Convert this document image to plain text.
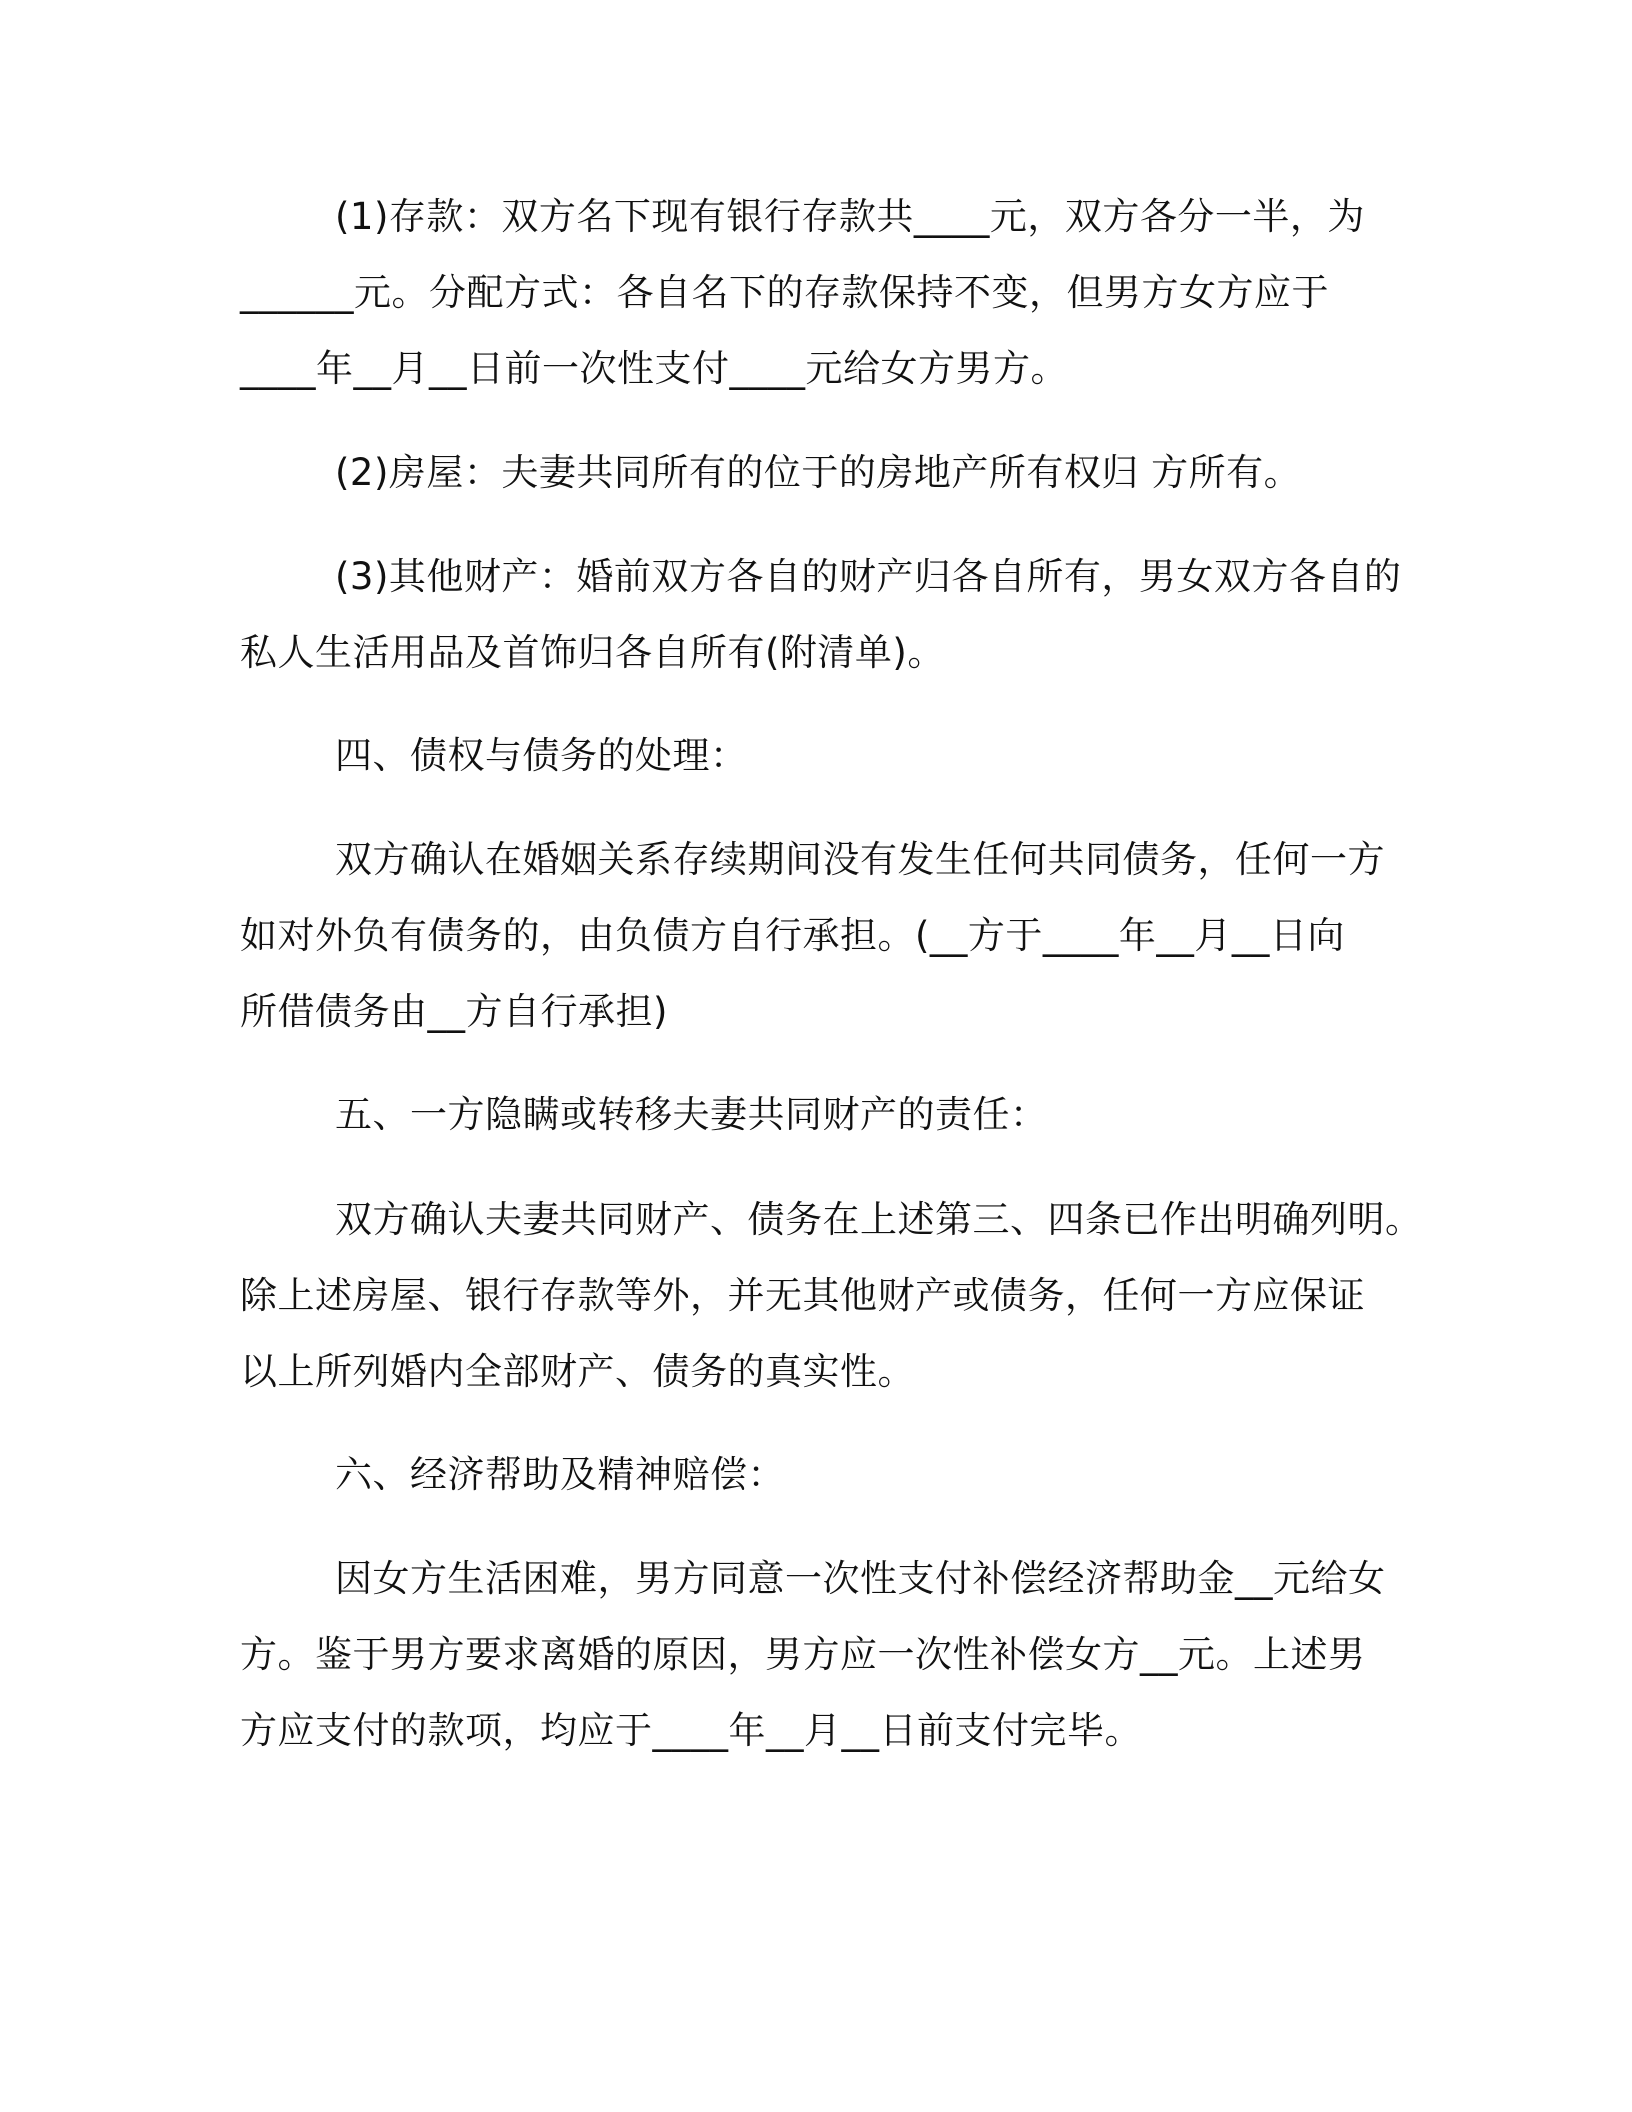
(1)存款：双方名下现有银行存款共____元，双方各分一半，为

______元。分配方式：各自名下的存款保持不变，但男方女方应于

____年__月__日前一次性支付____元给女方男方。

(2)房屋：夫妻共同所有的位于的房地产所有权归 方所有。

(3)其他财产：婚前双方各自的财产归各自所有，男女双方各自的

私人生活用品及首饰归各自所有(附清单)。

四、债权与债务的处理：

双方确认在婚姻关系存续期间没有发生任何共同债务，任何一方

如对外负有债务的，由负债方自行承担。(__方于____年__月__日向

所借债务由__方自行承担)

五、一方隐瞒或转移夫妻共同财产的责任：

双方确认夫妻共同财产、债务在上述第三、四条已作出明确列明。

除上述房屋、银行存款等外，并无其他财产或债务，任何一方应保证

以上所列婚内全部财产、债务的真实性。

六、经济帮助及精神赔偿：

因女方生活困难，男方同意一次性支付补偿经济帮助金__元给女

方。鉴于男方要求离婚的原因，男方应一次性补偿女方__元。上述男

方应支付的款项，均应于____年__月__日前支付完毕。
